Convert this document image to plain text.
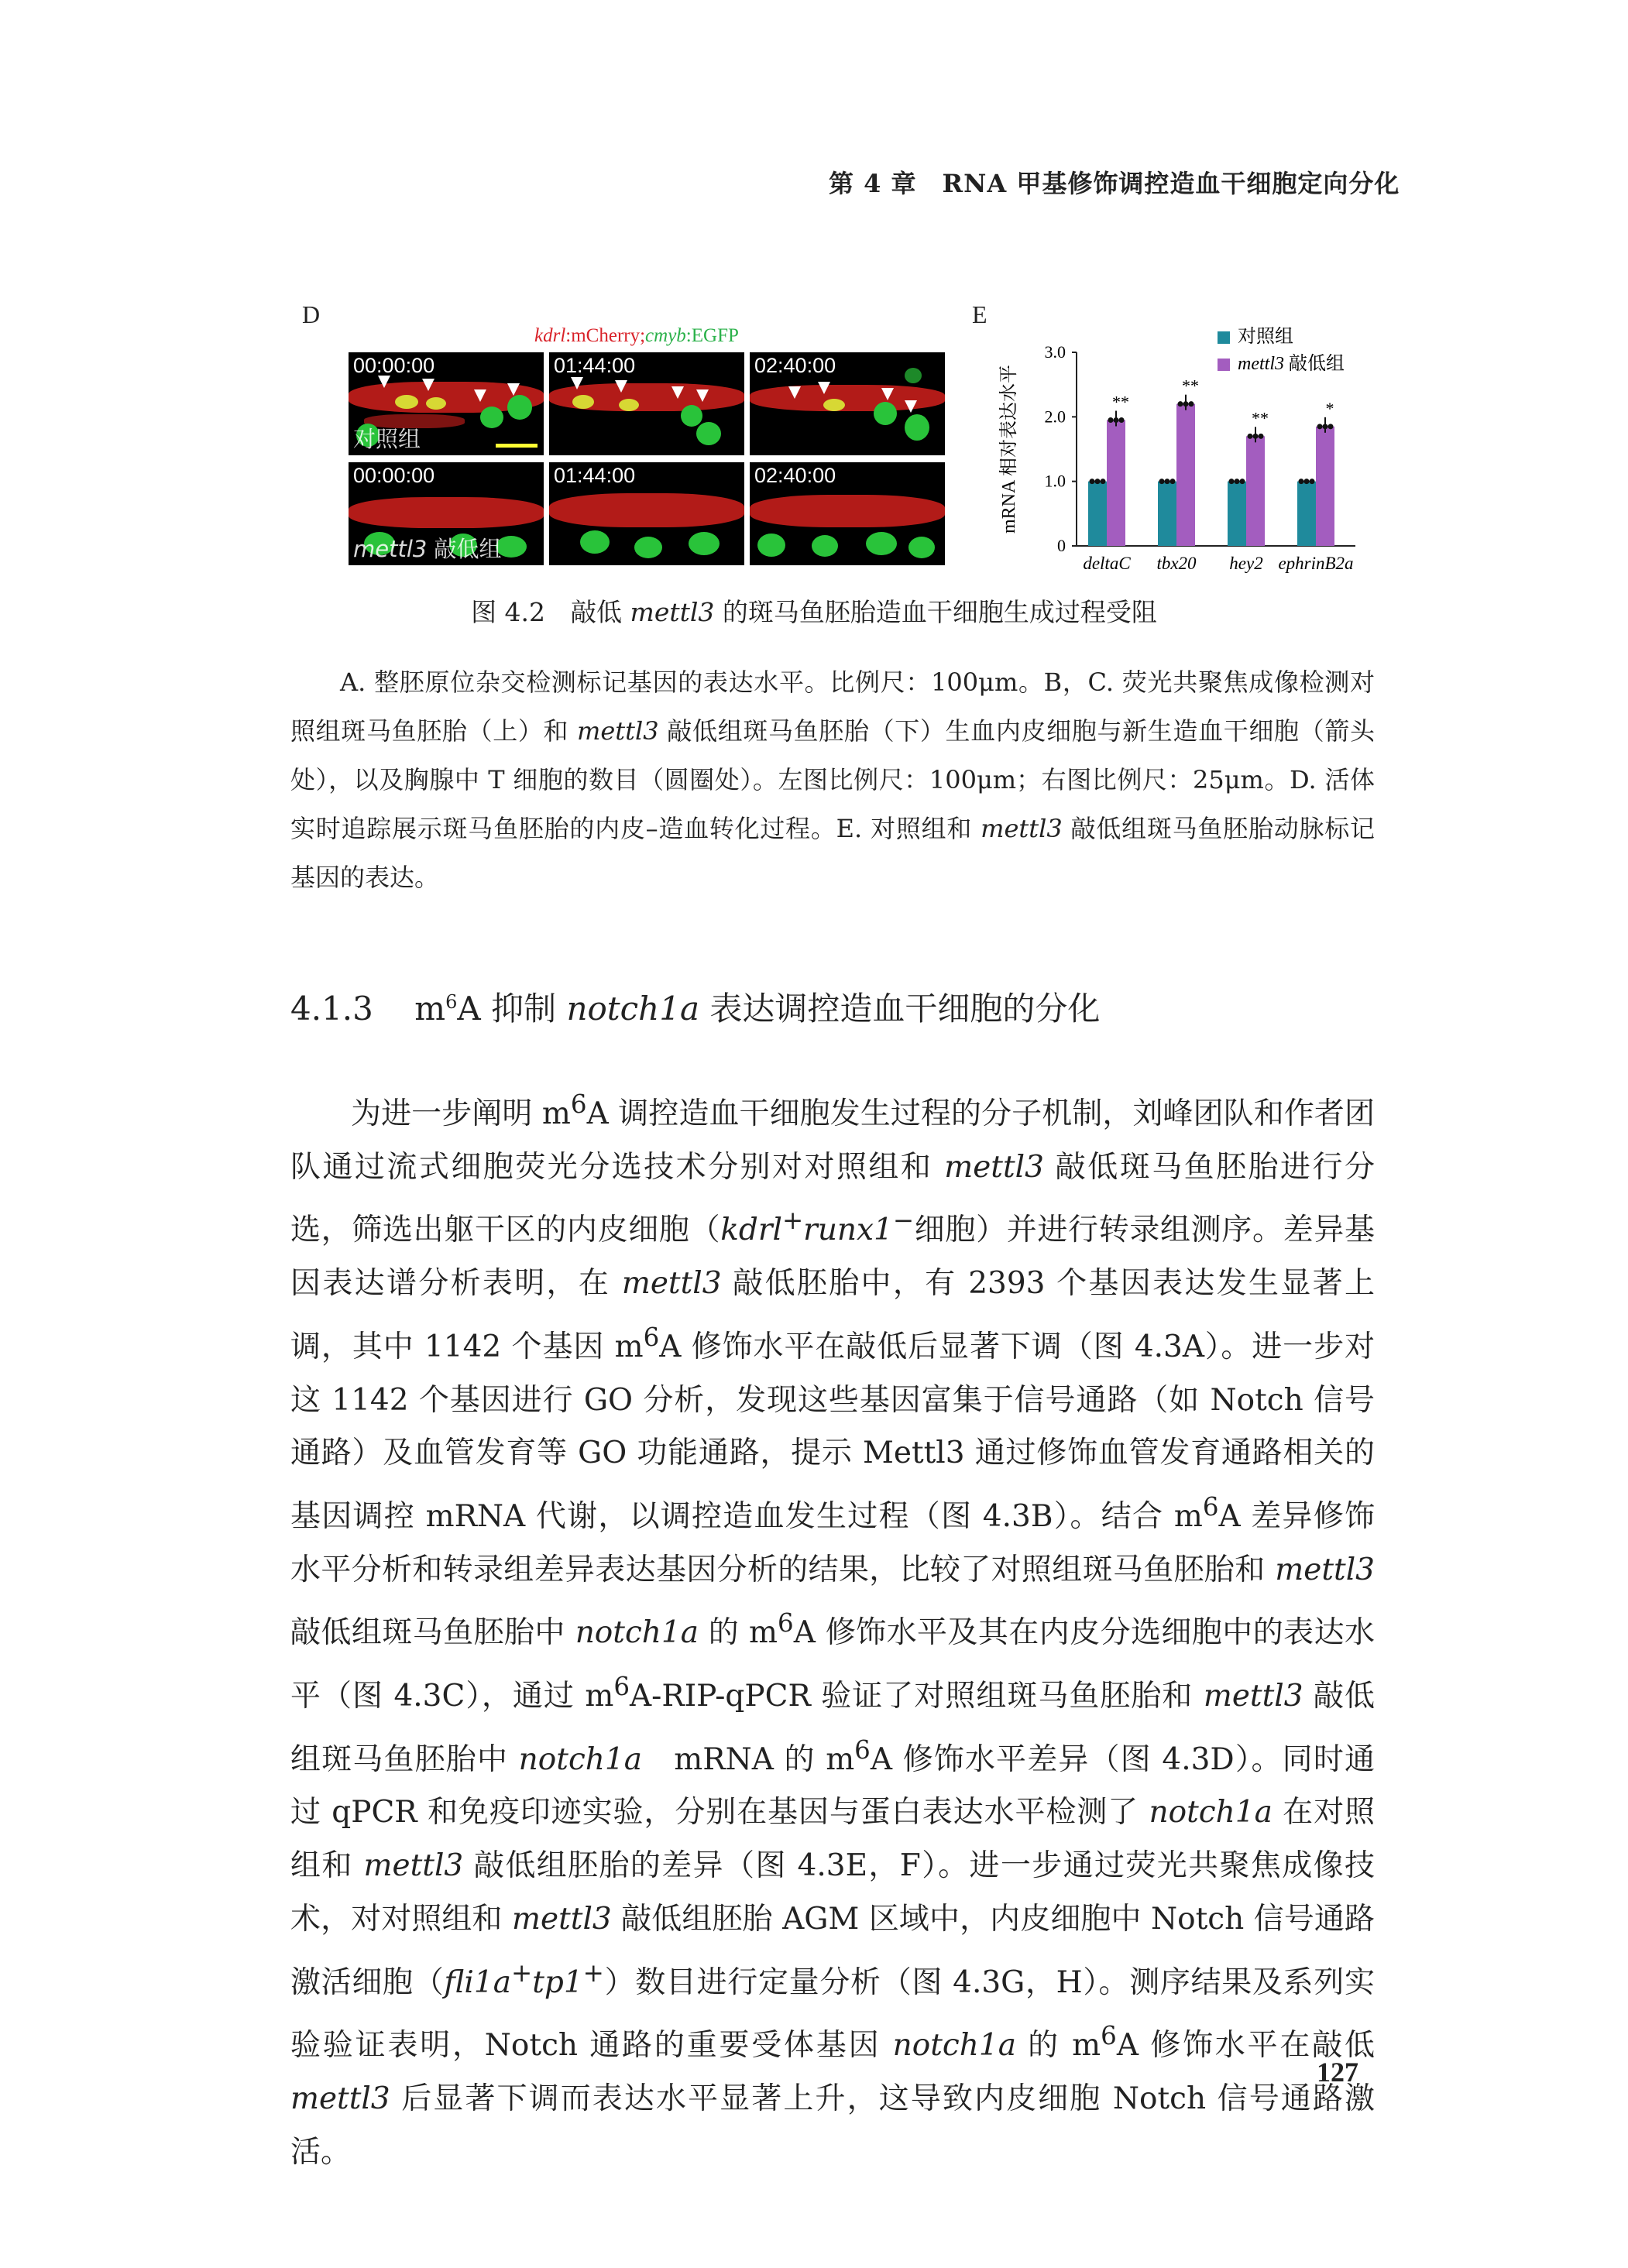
第 4 章　RNA 甲基修饰调控造血干细胞定向分化
D
kdrl:mCherry;cmyb:EGFP
00:00:00
对照组
01:44:00	02:40:00
00:00:00
mettl3 敲低组
01:44:00	02:40:00
E
0
1.0
2.0
3.0
mRNA 相对表达水平	**
deltaC
**
tbx20
**
hey2
*
ephrinB2a
对照组
mettl3 敲低组
图 4.2　敲低 mettl3 的斑马鱼胚胎造血干细胞生成过程受阻

A. 整胚原位杂交检测标记基因的表达水平。比例尺：100μm。B，C. 荧光共聚焦成像检测对照组斑马鱼胚胎（上）和 mettl3 敲低组斑马鱼胚胎（下）生血内皮细胞与新生造血干细胞（箭头处），以及胸腺中 T 细胞的数目（圆圈处）。左图比例尺：100μm；右图比例尺：25μm。D. 活体实时追踪展示斑马鱼胚胎的内皮–造血转化过程。E. 对照组和 mettl3 敲低组斑马鱼胚胎动脉标记基因的表达。

4.1.3 $m^6A$ 抑制 notch1a 表达调控造血干细胞的分化

为进一步阐明 $m^6A$ 调控造血干细胞发生过程的分子机制，刘峰团队和作者团队通过流式细胞荧光分选技术分别对对照组和 mettl3 敲低斑马鱼胚胎进行分选，筛选出躯干区的内皮细胞（kdrl+runx1−细胞）并进行转录组测序。差异基因表达谱分析表明，在 mettl3 敲低胚胎中，有 2393 个基因表达发生显著上调，其中 1142 个基因 $m^6A$ 修饰水平在敲低后显著下调（图 4.3A）。进一步对这 1142 个基因进行 GO 分析，发现这些基因富集于信号通路（如 Notch 信号通路）及血管发育等 GO 功能通路，提示 Mettl3 通过修饰血管发育通路相关的基因调控 mRNA 代谢，以调控造血发生过程（图 4.3B）。结合 $m^6A$ 差异修饰水平分析和转录组差异表达基因分析的结果，比较了对照组斑马鱼胚胎和 mettl3 敲低组斑马鱼胚胎中 notch1a 的 $m^6A$ 修饰水平及其在内皮分选细胞中的表达水平（图 4.3C），通过 $m^6A-RIP$-qPCR 验证了对照组斑马鱼胚胎和 mettl3 敲低组斑马鱼胚胎中 notch1a　mRNA 的 $m^6A$ 修饰水平差异（图 4.3D）。同时通过 qPCR 和免疫印迹实验，分别在基因与蛋白表达水平检测了 notch1a 在对照组和 mettl3 敲低组胚胎的差异（图 4.3E，F）。进一步通过荧光共聚焦成像技术，对对照组和 mettl3 敲低组胚胎 AGM 区域中，内皮细胞中 Notch 信号通路激活细胞（fli1a+tp1+）数目进行定量分析（图 4.3G，H）。测序结果及系列实验验证表明，Notch 通路的重要受体基因 notch1a 的 $m^6A$ 修饰水平在敲低 mettl3 后显著下调而表达水平显著上升，这导致内皮细胞 Notch 信号通路激活。

127
